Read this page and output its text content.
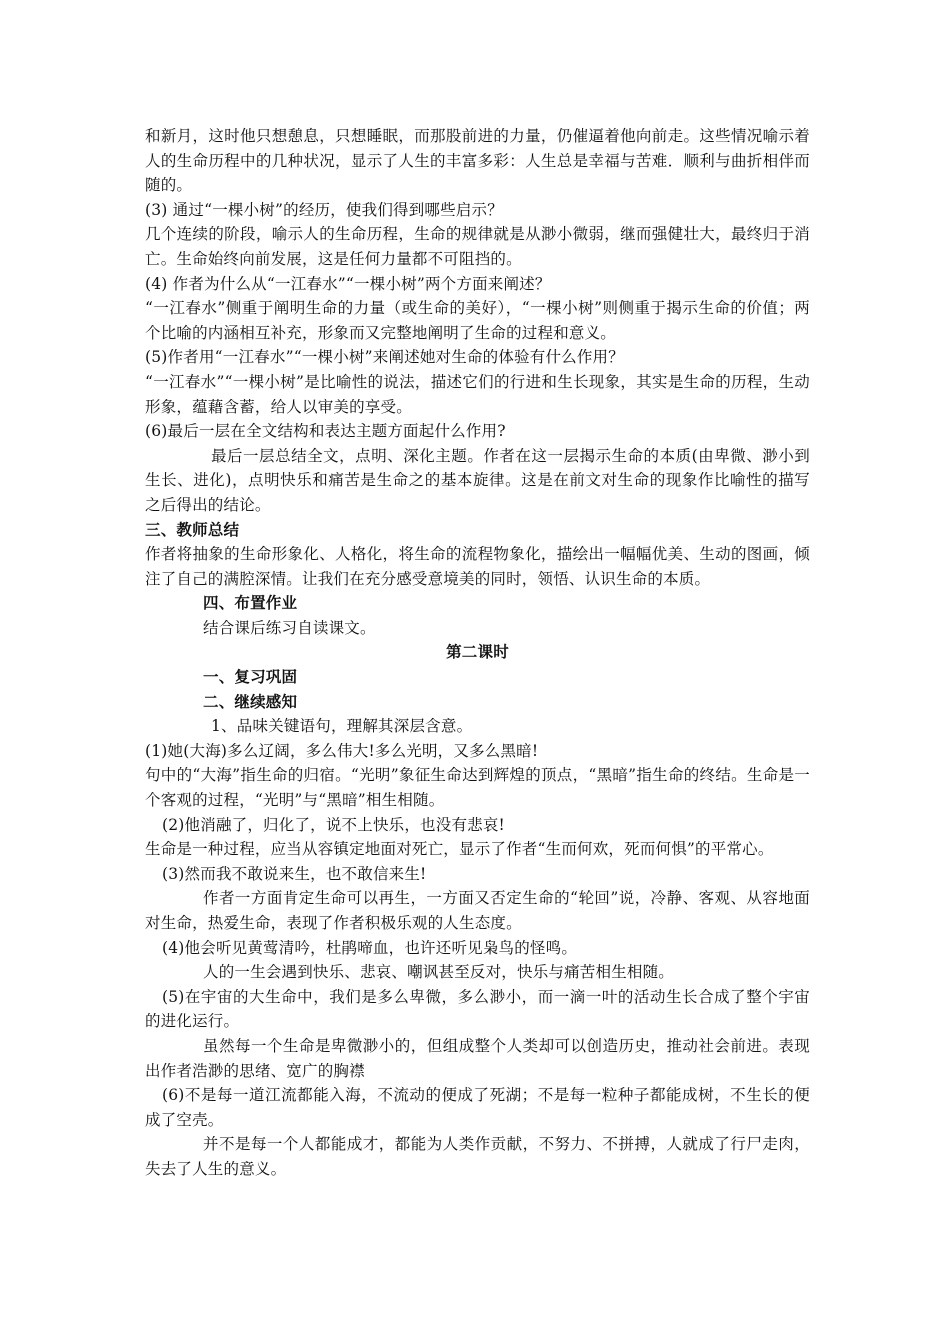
和新月，这时他只想憩息，只想睡眠，而那股前进的力量，仍催逼着他向前走。这些情况喻示着人的生命历程中的几种状况，显示了人生的丰富多彩：人生总是幸福与苦难．顺利与曲折相伴而随的。

(3) 通过“一棵小树”的经历，使我们得到哪些启示？

几个连续的阶段，喻示人的生命历程，生命的规律就是从渺小微弱，继而强健壮大，最终归于消亡。生命始终向前发展，这是任何力量都不可阻挡的。

(4) 作者为什么从“一江春水”“一棵小树”两个方面来阐述？

“一江春水”侧重于阐明生命的力量（或生命的美好），“一棵小树”则侧重于揭示生命的价值；两个比喻的内涵相互补充，形象而又完整地阐明了生命的过程和意义。

(5)作者用“一江春水”“一棵小树”来阐述她对生命的体验有什么作用？

“一江春水”“一棵小树”是比喻性的说法，描述它们的行进和生长现象，其实是生命的历程，生动形象，蕴藉含蓄，给人以审美的享受。

(6)最后一层在全文结构和表达主题方面起什么作用?

最后一层总结全文，点明、深化主题。作者在这一层揭示生命的本质(由卑微、渺小到生长、进化)，点明快乐和痛苦是生命之的基本旋律。这是在前文对生命的现象作比喻性的描写之后得出的结论。

三、教师总结

作者将抽象的生命形象化、人格化，将生命的流程物象化，描绘出一幅幅优美、生动的图画，倾注了自己的满腔深情。让我们在充分感受意境美的同时，领悟、认识生命的本质。

四、布置作业

结合课后练习自读课文。

第二课时

一、复习巩固

二、继续感知

1、品味关键语句，理解其深层含意。

(1)她(大海)多么辽阔，多么伟大!多么光明，又多么黑暗!

句中的“大海”指生命的归宿。“光明”象征生命达到辉煌的顶点，“黑暗”指生命的终结。生命是一个客观的过程，“光明”与“黑暗”相生相随。

(2)他消融了，归化了，说不上快乐，也没有悲哀!

生命是一种过程，应当从容镇定地面对死亡，显示了作者“生而何欢，死而何惧”的平常心。

(3)然而我不敢说来生，也不敢信来生!

作者一方面肯定生命可以再生，一方面又否定生命的“轮回”说，冷静、客观、从容地面对生命，热爱生命，表现了作者积极乐观的人生态度。

(4)他会听见黄莺清吟，杜鹃啼血，也许还听见枭鸟的怪鸣。

人的一生会遇到快乐、悲哀、嘲讽甚至反对，快乐与痛苦相生相随。

(5)在宇宙的大生命中，我们是多么卑微，多么渺小，而一滴一叶的活动生长合成了整个宇宙的进化运行。

虽然每一个生命是卑微渺小的，但组成整个人类却可以创造历史，推动社会前进。表现出作者浩渺的思绪、宽广的胸襟

(6)不是每一道江流都能入海，不流动的便成了死湖；不是每一粒种子都能成树，不生长的便成了空壳。

并不是每一个人都能成才，都能为人类作贡献，不努力、不拼搏，人就成了行尸走肉，失去了人生的意义。
